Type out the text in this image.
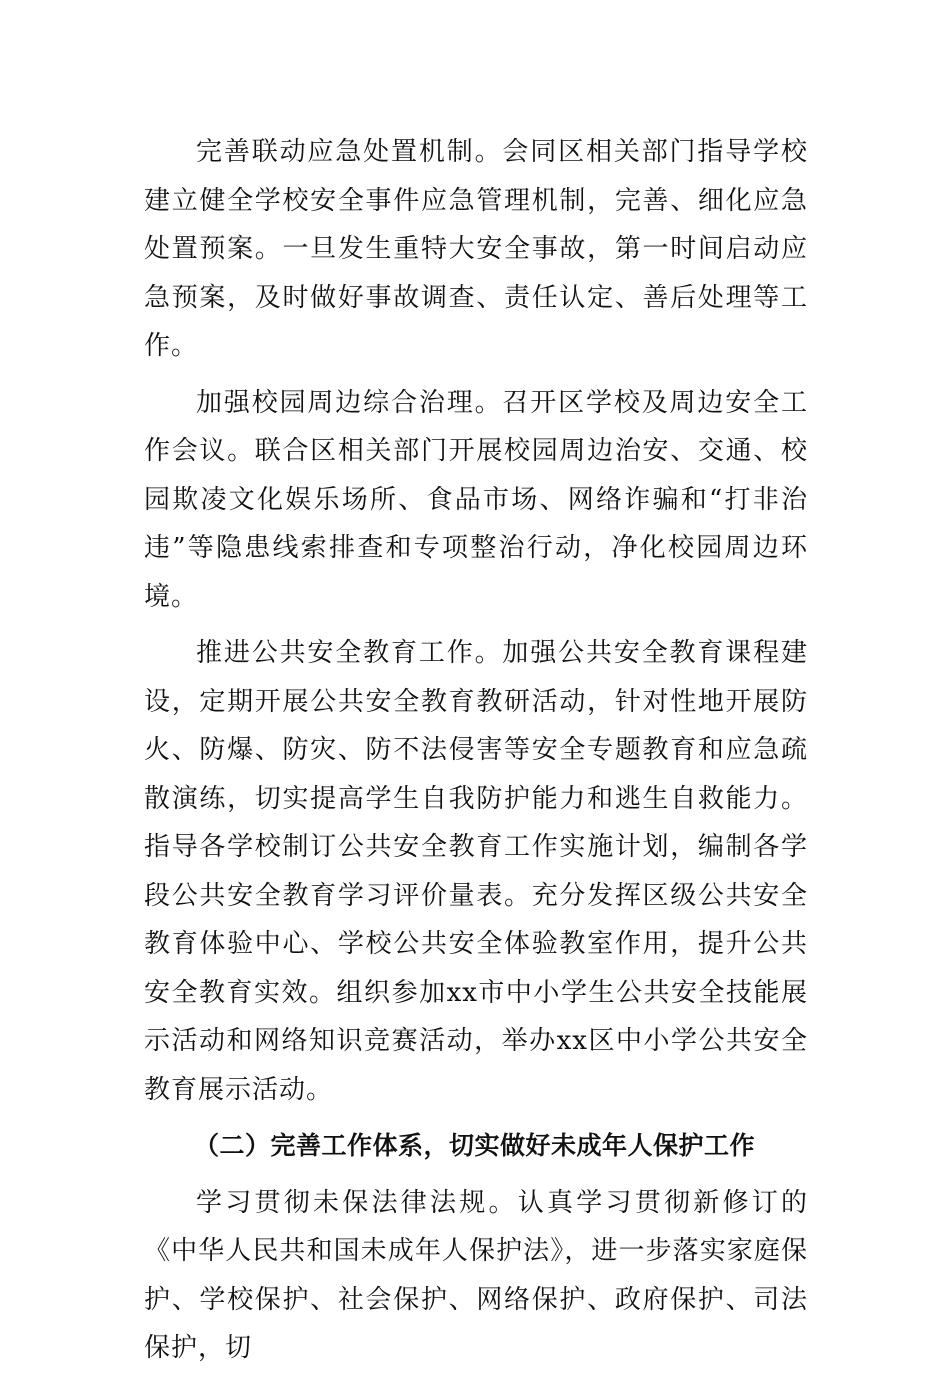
完善联动应急处置机制。会同区相关部门指导学校建立健全学校安全事件应急管理机制，完善、细化应急处置预案。一旦发生重特大安全事故，第一时间启动应急预案，及时做好事故调查、责任认定、善后处理等工作。

加强校园周边综合治理。召开区学校及周边安全工作会议。联合区相关部门开展校园周边治安、交通、校园欺凌文化娱乐场所、食品市场、网络诈骗和“打非治违”等隐患线索排查和专项整治行动，净化校园周边环境。

推进公共安全教育工作。加强公共安全教育课程建设，定期开展公共安全教育教研活动，针对性地开展防火、防爆、防灾、防不法侵害等安全专题教育和应急疏散演练，切实提高学生自我防护能力和逃生自救能力。指导各学校制订公共安全教育工作实施计划，编制各学段公共安全教育学习评价量表。充分发挥区级公共安全教育体验中心、学校公共安全体验教室作用，提升公共安全教育实效。组织参加xx市中小学生公共安全技能展示活动和网络知识竞赛活动，举办xx区中小学公共安全教育展示活动。

（二）完善工作体系，切实做好未成年人保护工作

学习贯彻未保法律法规。认真学习贯彻新修订的《中华人民共和国未成年人保护法》，进一步落实家庭保护、学校保护、社会保护、网络保护、政府保护、司法保护，切
